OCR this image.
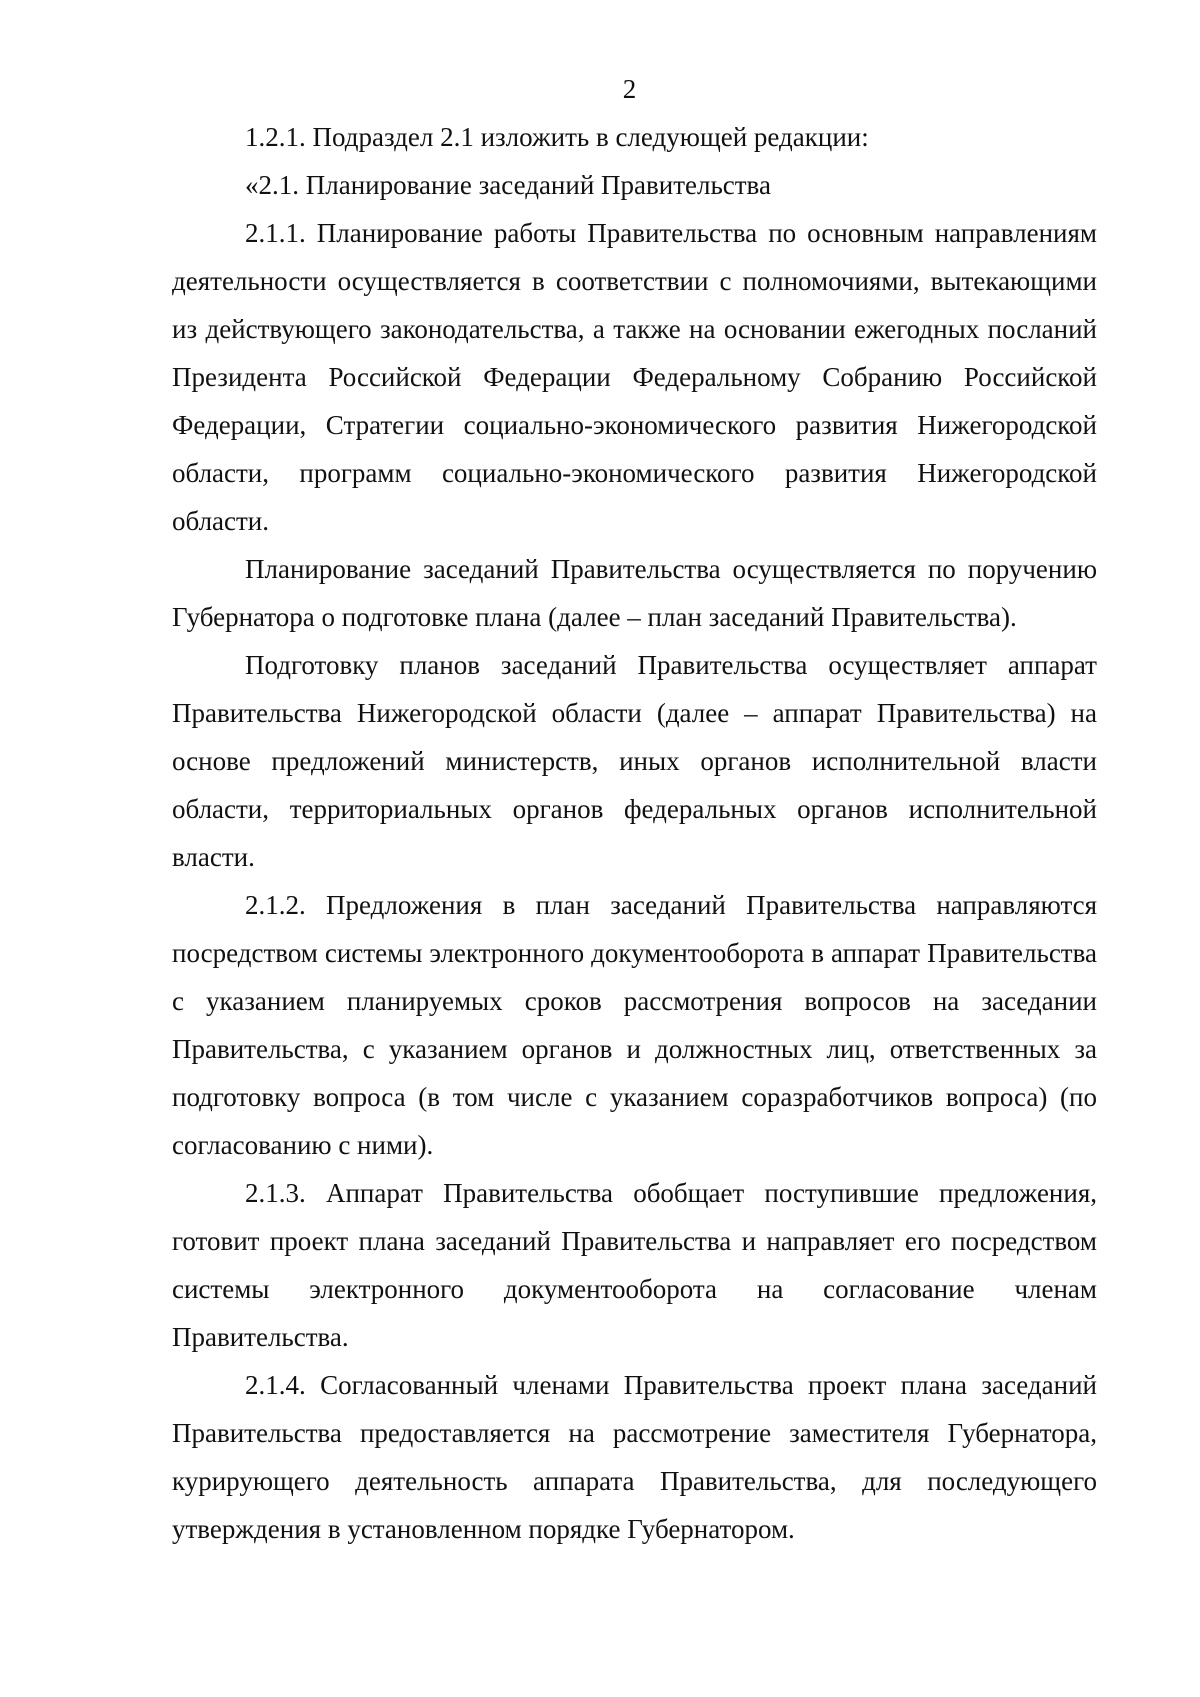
2

1.2.1. Подраздел 2.1 изложить в следующей редакции:

«2.1. Планирование заседаний Правительства

2.1.1. Планирование работы Правительства по основным направлениям деятельности осуществляется в соответствии с полномочиями, вытекающими из действующего законодательства, а также на основании ежегодных посланий Президента Российской Федерации Федеральному Собранию Российской Федерации, Стратегии социально-экономического развития Нижегородской области, программ социально-экономического развития Нижегородской области.

Планирование заседаний Правительства осуществляется по поручению Губернатора о подготовке плана (далее – план заседаний Правительства).

Подготовку планов заседаний Правительства осуществляет аппарат Правительства Нижегородской области (далее – аппарат Правительства) на основе предложений министерств, иных органов исполнительной власти области, территориальных органов федеральных органов исполнительной власти.

2.1.2. Предложения в план заседаний Правительства направляются посредством системы электронного документооборота в аппарат Правительства с указанием планируемых сроков рассмотрения вопросов на заседании Правительства, с указанием органов и должностных лиц, ответственных за подготовку вопроса (в том числе с указанием соразработчиков вопроса) (по согласованию с ними).

2.1.3. Аппарат Правительства обобщает поступившие предложения, готовит проект плана заседаний Правительства и направляет его посредством системы электронного документооборота на согласование членам Правительства.

2.1.4. Согласованный членами Правительства проект плана заседаний Правительства предоставляется на рассмотрение заместителя Губернатора, курирующего деятельность аппарата Правительства, для последующего утверждения в установленном порядке Губернатором.
